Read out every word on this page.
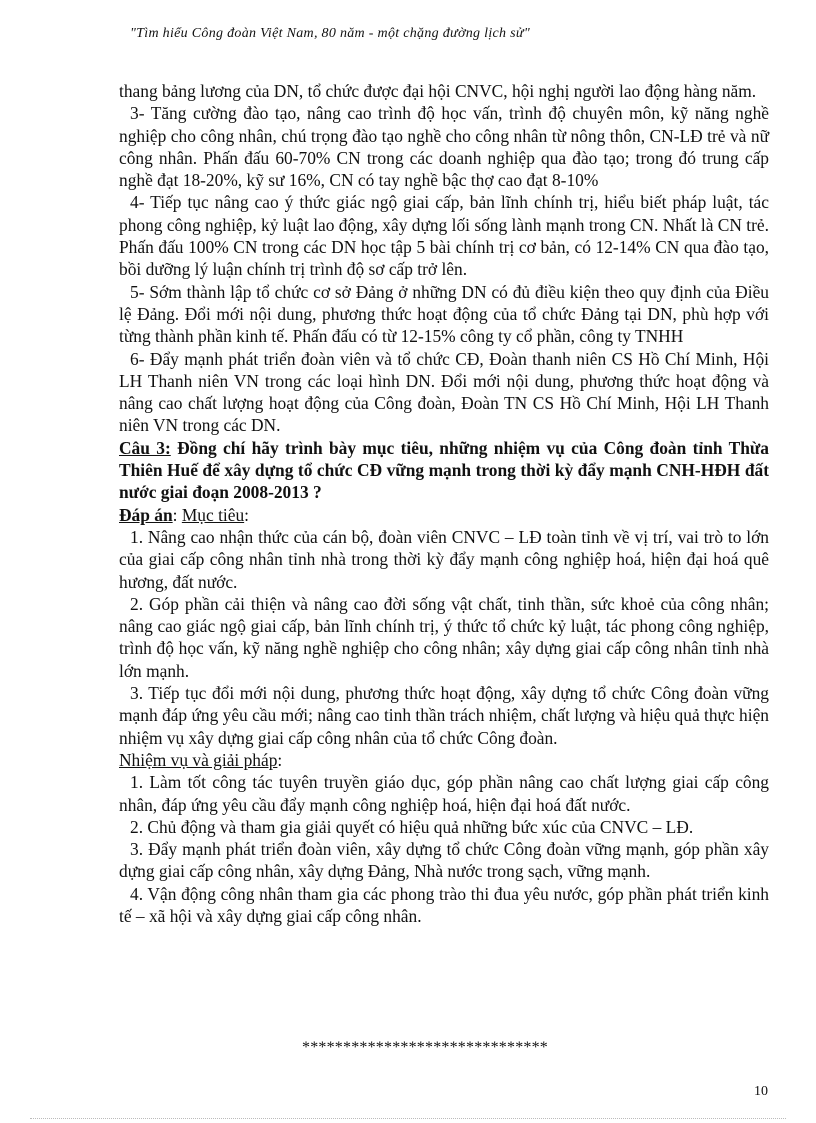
"Tìm hiểu Công đoàn Việt Nam, 80 năm - một chặng đường lịch sử"

thang bảng lương của DN, tổ chức được đại hội CNVC, hội nghị người lao động hàng năm.

3- Tăng cường đào tạo, nâng cao trình độ học vấn, trình độ chuyên môn, kỹ năng nghề nghiệp cho công nhân, chú trọng đào tạo nghề cho công nhân từ nông thôn, CN-LĐ trẻ và nữ công nhân. Phấn đấu 60-70% CN trong các doanh nghiệp qua đào tạo; trong đó trung cấp nghề đạt 18-20%, kỹ sư 16%, CN có tay nghề bậc thợ cao đạt 8-10%

4- Tiếp tục nâng cao ý thức giác ngộ giai cấp, bản lĩnh chính trị, hiểu biết pháp luật, tác phong công nghiệp, kỷ luật lao động, xây dựng lối sống lành mạnh trong CN. Nhất là CN trẻ. Phấn đấu 100% CN trong các DN học tập 5 bài chính trị cơ bản, có 12-14% CN qua đào tạo, bồi dưỡng lý luận chính trị trình độ sơ cấp trở lên.

5- Sớm thành lập tổ chức cơ sở Đảng ở những DN có đủ điều kiện theo quy định của Điều lệ Đảng. Đổi mới nội dung, phương thức hoạt động của tổ chức Đảng tại DN, phù hợp với từng thành phần kinh tế. Phấn đấu có từ 12-15% công ty cổ phần, công ty TNHH

6- Đẩy mạnh phát triển đoàn viên và tổ chức CĐ, Đoàn thanh niên CS Hồ Chí Minh, Hội LH Thanh niên VN trong các loại hình DN. Đổi mới nội dung, phương thức hoạt động và nâng cao chất lượng hoạt động của Công đoàn, Đoàn TN CS Hồ Chí Minh, Hội LH Thanh niên VN trong các DN.

Câu 3: Đồng chí hãy trình bày mục tiêu, những nhiệm vụ của Công đoàn tỉnh Thừa Thiên Huế để xây dựng tổ chức CĐ vững mạnh trong thời kỳ đẩy mạnh CNH-HĐH đất nước giai đoạn 2008-2013 ?

Đáp án: Mục tiêu:

1. Nâng cao nhận thức của cán bộ, đoàn viên CNVC – LĐ toàn tỉnh về vị trí, vai trò to lớn của giai cấp công nhân tỉnh nhà trong thời kỳ đẩy mạnh công nghiệp hoá, hiện đại hoá quê hương, đất nước.

2. Góp phần cải thiện và nâng cao đời sống vật chất, tinh thần, sức khoẻ của công nhân; nâng cao giác ngộ giai cấp, bản lĩnh chính trị, ý thức tổ chức kỷ luật, tác phong công nghiệp, trình độ học vấn, kỹ năng nghề nghiệp cho công nhân; xây dựng giai cấp công nhân tỉnh nhà lớn mạnh.

3. Tiếp tục đổi mới nội dung, phương thức hoạt động, xây dựng tổ chức Công đoàn vững mạnh đáp ứng yêu cầu mới; nâng cao tinh thần trách nhiệm, chất lượng và hiệu quả thực hiện nhiệm vụ xây dựng giai cấp công nhân của tổ chức Công đoàn.

Nhiệm vụ và giải pháp:

1. Làm tốt công tác tuyên truyền giáo dục, góp phần nâng cao chất lượng giai cấp công nhân, đáp ứng yêu cầu đẩy mạnh công nghiệp hoá, hiện đại hoá đất nước.

2. Chủ động và tham gia giải quyết có hiệu quả những bức xúc của CNVC – LĐ.

3. Đẩy mạnh phát triển đoàn viên, xây dựng tổ chức Công đoàn vững mạnh, góp phần xây dựng giai cấp công nhân, xây dựng Đảng, Nhà nước trong sạch, vững mạnh.

4. Vận động công nhân tham gia các phong trào thi đua yêu nước, góp phần phát triển kinh tế – xã hội và xây dựng giai cấp công nhân.

******************************
10
